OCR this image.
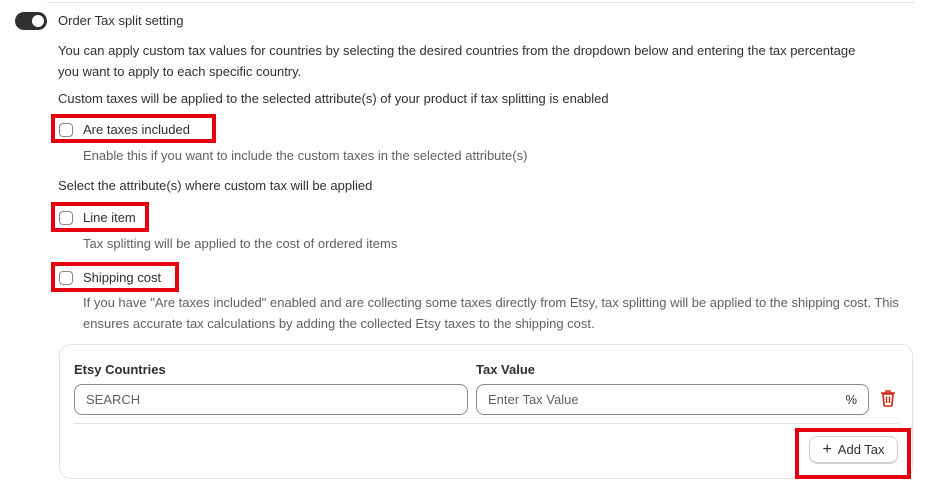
Order Tax split setting
You can apply custom tax values for countries by selecting the desired countries from the dropdown below and entering the tax percentage you want to apply to each specific country.
Custom taxes will be applied to the selected attribute(s) of your product if tax splitting is enabled
Are taxes included
Enable this if you want to include the custom taxes in the selected attribute(s)
Select the attribute(s) where custom tax will be applied
Line item
Tax splitting will be applied to the cost of ordered items
Shipping cost
If you have "Are taxes included" enabled and are collecting some taxes directly from Etsy, tax splitting will be applied to the shipping cost. This ensures accurate tax calculations by adding the collected Etsy taxes to the shipping cost.
Etsy Countries	Tax Value
SEARCH	Enter Tax Value	%
+ Add Tax
